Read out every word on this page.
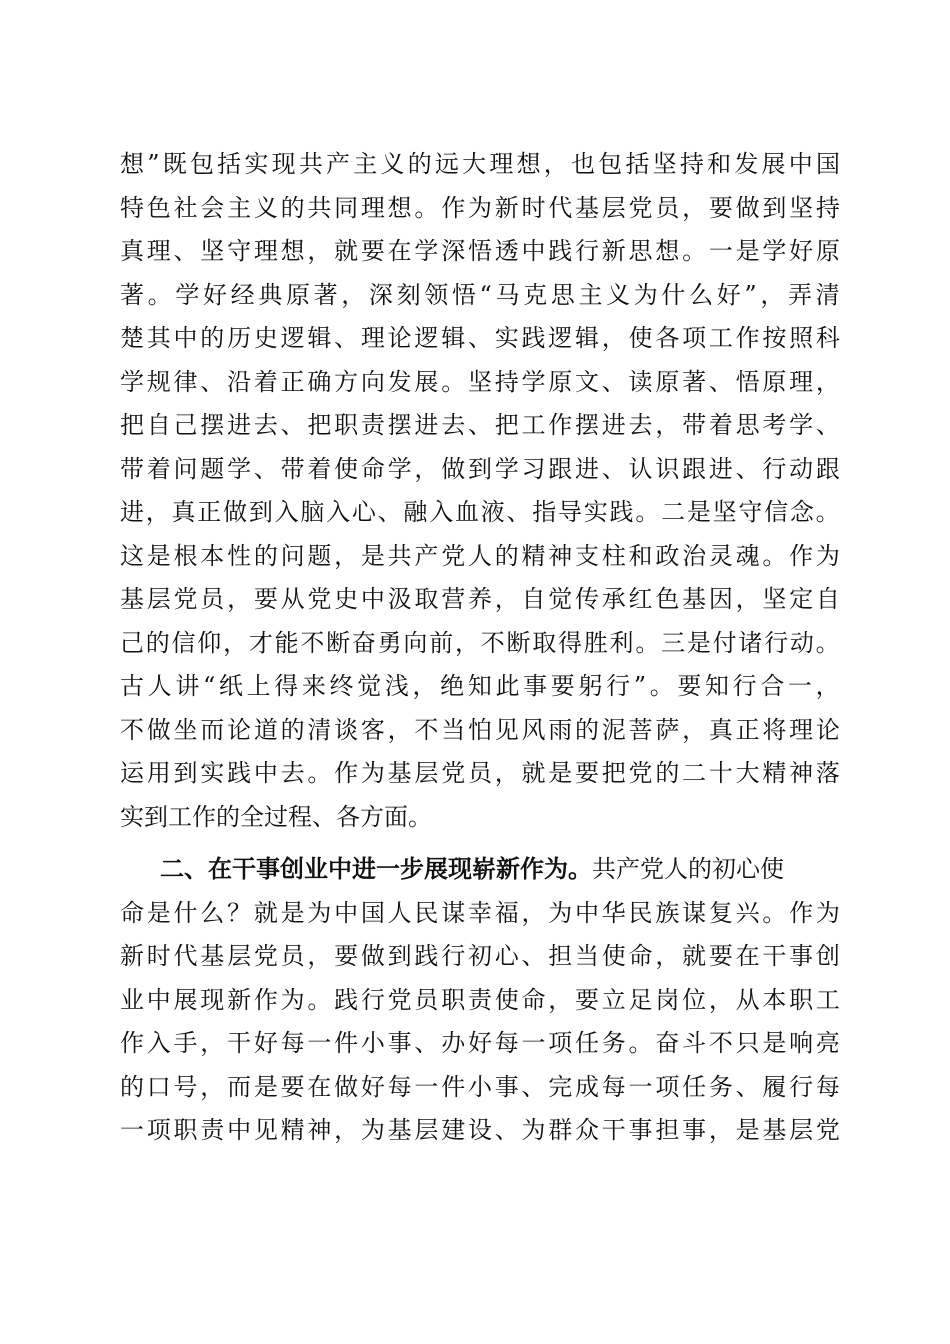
想 ” 既 包 括 实 现 共 产 主 义 的 远 大 理 想 ， 也 包 括 坚 持 和 发 展 中 国
特 色 社 会 主 义 的 共 同 理 想 。 作 为 新 时 代 基 层 党 员 ， 要 做 到 坚 持
真 理 、 坚 守 理 想 ， 就 要 在 学 深 悟 透 中 践 行 新 思 想 。 一 是 学 好 原
著 。 学 好 经 典 原 著 ， 深 刻 领 悟 “ 马 克 思 主 义 为 什 么 好 ” ， 弄 清
楚 其 中 的 历 史 逻 辑 、 理 论 逻 辑 、 实 践 逻 辑 ， 使 各 项 工 作 按 照 科
学 规 律 、 沿 着 正 确 方 向 发 展 。 坚 持 学 原 文 、 读 原 著 、 悟 原 理 ，
把 自 己 摆 进 去 、 把 职 责 摆 进 去 、 把 工 作 摆 进 去 ， 带 着 思 考 学 、
带 着 问 题 学 、 带 着 使 命 学 ， 做 到 学 习 跟 进 、 认 识 跟 进 、 行 动 跟
进 ， 真 正 做 到 入 脑 入 心 、 融 入 血 液 、 指 导 实 践 。 二 是 坚 守 信 念 。
这 是 根 本 性 的 问 题 ， 是 共 产 党 人 的 精 神 支 柱 和 政 治 灵 魂 。 作 为
基 层 党 员 ， 要 从 党 史 中 汲 取 营 养 ， 自 觉 传 承 红 色 基 因 ， 坚 定 自
己 的 信 仰 ， 才 能 不 断 奋 勇 向 前 ， 不 断 取 得 胜 利 。 三 是 付 诸 行 动 。
古 人 讲 “ 纸 上 得 来 终 觉 浅 ， 绝 知 此 事 要 躬 行 ” 。 要 知 行 合 一 ，
不 做 坐 而 论 道 的 清 谈 客 ， 不 当 怕 见 风 雨 的 泥 菩 萨 ， 真 正 将 理 论
运 用 到 实 践 中 去 。 作 为 基 层 党 员 ， 就 是 要 把 党 的 二 十 大 精 神 落
实到工作的全过程、各方面。
二、在干事创业中进一步展现崭新作为。 共产党人的初心使
命 是 什 么 ？ 就 是 为 中 国 人 民 谋 幸 福 ， 为 中 华 民 族 谋 复 兴 。 作 为
新 时 代 基 层 党 员 ， 要 做 到 践 行 初 心 、 担 当 使 命 ， 就 要 在 干 事 创
业 中 展 现 新 作 为 。 践 行 党 员 职 责 使 命 ， 要 立 足 岗 位 ， 从 本 职 工
作 入 手 ， 干 好 每 一 件 小 事 、 办 好 每 一 项 任 务 。 奋 斗 不 只 是 响 亮
的 口 号 ， 而 是 要 在 做 好 每 一 件 小 事 、 完 成 每 一 项 任 务 、 履 行 每
一 项 职 责 中 见 精 神 ， 为 基 层 建 设 、 为 群 众 干 事 担 事 ， 是 基 层 党
